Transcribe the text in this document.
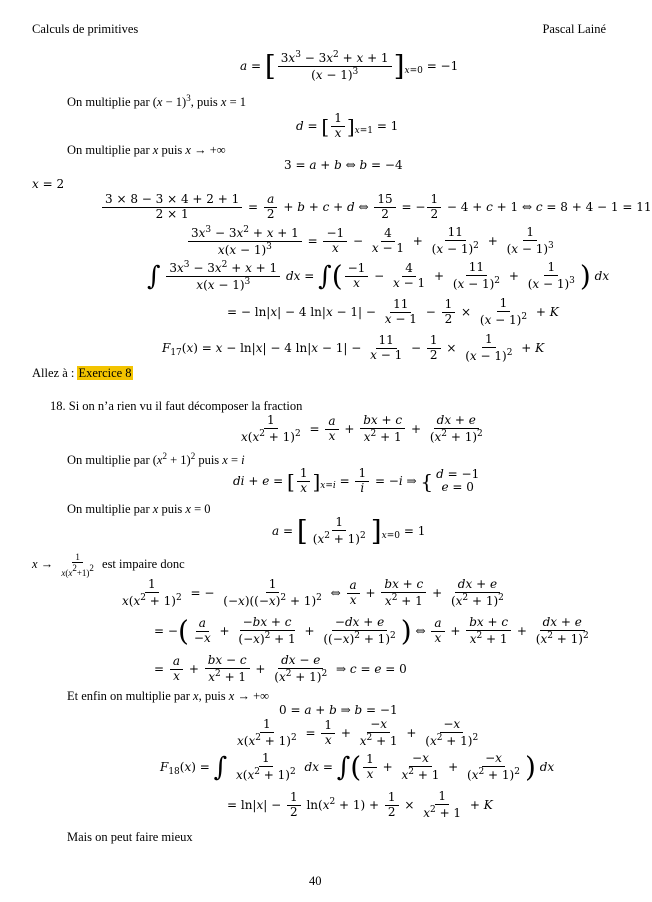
Calculs de primitives	Pascal Lainé
a = [ $\frac{3x^3 - 3x^2 + x + 1}{(x - 1)^3} ]_{x=0} = -1$
On multiplie par $(x - 1)^3$, puis x = 1
d = [ $\frac{1}{x} ]_{x=1} = 1$
On multiplie par x puis x → +∞
3 = a + b ⇔ b = −4
x = 2
$\frac{3 \times 8 - 3 \times 4 + 2 + 1}{2 \times 1} = \frac{a}{2} + b + c + d$ ⇔ $\frac{15}{2}$ = − $\frac{1}{2} - 4 + c + 1$ ⇔ c = 8 + 4 − 1 = 11
$\frac{3x^3 - 3x^2 + x + 1}{x(x - 1)^3} = \frac{-1}{x} - \frac{4}{x - 1} + \frac{11}{(x - 1)^2} + \frac{1}{(x - 1)^3}$
∫ $\frac{3x^3 - 3x^2 + x + 1}{x(x - 1)^3}$ dx = ∫( $\frac{-1}{x} - \frac{4}{x - 1} + \frac{11}{(x - 1)^2} + \frac{1}{(x - 1)^3}$ ) dx
= − ln|x| − 4 $\ln|x - 1| - \frac{11}{x - 1} - \frac{1}{2} \times \frac{1}{(x - 1)^2} + K$
$F_{17}(x) = x - \ln|x| - 4$ $\ln|x - 1| - \frac{11}{x - 1} - \frac{1}{2} \times \frac{1}{(x - 1)^2} + K$
Allez à : Exercice 8
18. Si on n’a rien vu il faut décomposer la fraction
$\frac{1}{x(x^2 + 1)^2} = \frac{a}{x} + \frac{bx + c}{x^2 + 1} + \frac{dx + e}{(x^2 + 1)^2}$
On multiplie par $(x^2 + 1)^2$ puis x = i
di + e = [ $\frac{1}{x} ]_{x=i} = \frac{1}{i} = -i$ ⇒ { d = −1
e = 0
On multiplie par x puis x = 0
a = [ $\frac{1}{(x^2 + 1)^2} ]_{x=0} = 1$
$x \to \frac{1}{x(x2+1)2}$ est impaire donc
$\frac{1}{x(x^2 + 1)^2}$ = − $\frac{1}{(-x)((-x)^2 + 1)^2}$ ⇔ $\frac{a}{x} + \frac{bx + c}{x^2 + 1} + \frac{dx + e}{(x^2 + 1)^2}$
= −( $\frac{a}{-x} + \frac{-bx + c}{(-x)^2 + 1} + \frac{-dx + e}{((-x)^2 + 1)^2}$ ) ⇔ $\frac{a}{x} + \frac{bx + c}{x^2 + 1} + \frac{dx + e}{(x^2 + 1)^2}$
= $\frac{a}{x} + \frac{bx - c}{x^2 + 1} + \frac{dx - e}{(x^2 + 1)^2}$ ⇒ c = e = 0
Et enfin on multiplie par x, puis x → +∞
0 = a + b ⇒ b = −1
$\frac{1}{x(x^2 + 1)^2} = \frac{1}{x} + \frac{-x}{x^2 + 1} + \frac{-x}{(x^2 + 1)^2}$
$F_{18}(x)$ = ∫ $\frac{1}{x(x^2 + 1)^2}$ dx = ∫( $\frac{1}{x} + \frac{-x}{x^2 + 1} + \frac{-x}{(x^2 + 1)^2}$ ) dx
= $\ln|x| - \frac{1}{2} \ln(x^2 + 1) + \frac{1}{2} \times \frac{1}{x^2 + 1} + K$
Mais on peut faire mieux
40
